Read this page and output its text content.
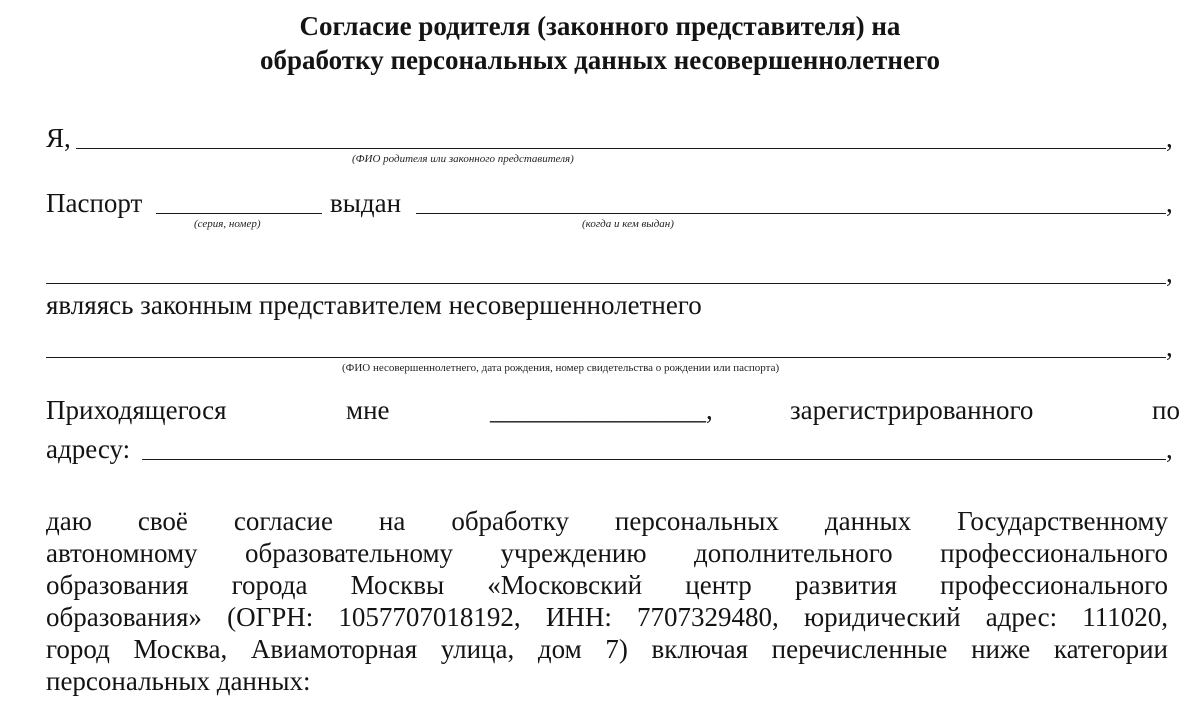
Согласие родителя (законного представителя) на
обработку персональных данных несовершеннолетнего
Я,	,
(ФИО родителя или законного представителя)
Паспорт	выдан	,
(серия, номер)	(когда и кем выдан)
,
являясь законным представителем несовершеннолетнего
,
(ФИО несовершеннолетнего, дата рождения, номер свидетельства о рождении или паспорта)
Приходящегося	мне	________________,	зарегистрированного	по
адресу:	,
даю своё согласие на обработку персональных данных Государственному
автономному образовательному учреждению дополнительного профессионального
образования города Москвы «Московский центр развития профессионального
образования» (ОГРН: 1057707018192, ИНН: 7707329480, юридический адрес: 111020,
город Москва, Авиамоторная улица, дом 7) включая перечисленные ниже категории
персональных данных:
